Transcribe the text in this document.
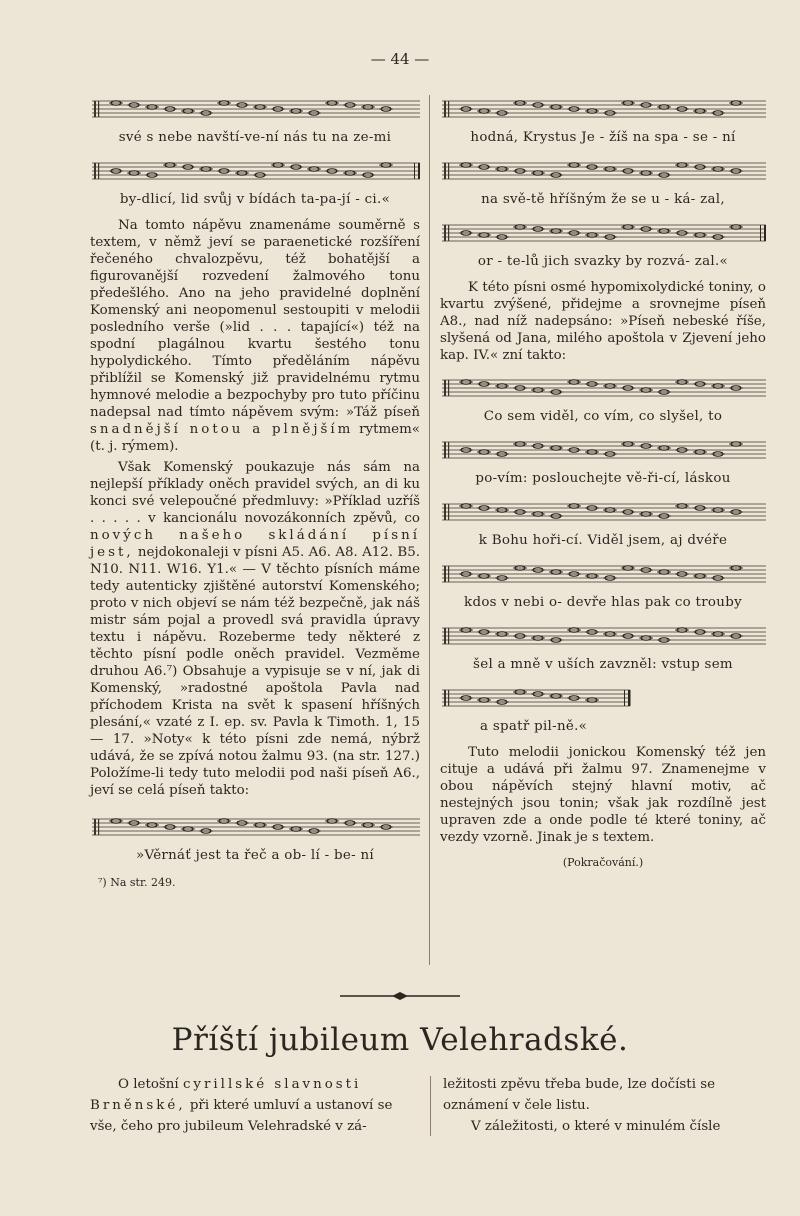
— 44 —
své s nebe navští-ve-ní nás tu na ze-mi
by-dlicí, lid svůj v bídách ta-pa-jí - ci.«

Na tomto nápěvu znamenáme souměrně s textem, v němž jeví se paraenetické rozšíření řečeného chvalozpěvu, též bohatější a figurovanější rozvedení žalmového tonu předešlého. Ano na jeho pravidelné doplnění Komenský ani neopomenul sestoupiti v melodii posledního verše (»lid . . . tapající«) též na spodní plagálnou kvartu šestého tonu hypolydického. Tímto předěláním nápěvu přiblížil se Komenský již pravidelnému rytmu hymnové melodie a bezpochyby pro tuto příčinu nadepsal nad tímto nápěvem svým: »Táž píseň snadnější notou a plnějším rytmem« (t. j. rýmem).

Však Komenský poukazuje nás sám na nejlepší příklady oněch pravidel svých, an di ku konci své velepoučné předmluvy: »Příklad uzříš . . . . . v kancionálu novozákonních zpěvů, co nových našeho skládání písní jest, nejdokonaleji v písni A5. A6. A8. A12. B5. N10. N11. W16. Y1.« — V těchto písních máme tedy autenticky zjištěné autorství Komenského; proto v nich objeví se nám též bezpečně, jak náš mistr sám pojal a provedl svá pravidla úpravy textu i nápěvu. Rozeberme tedy některé z těchto písní podle oněch pravidel. Vezměme druhou A6.⁷) Obsahuje a vypisuje se v ní, jak di Komenský, »radostné apoštola Pavla nad příchodem Krista na svět k spasení hříšných plesání,« vzaté z I. ep. sv. Pavla k Timoth. 1, 15 — 17. »Noty« k této písni zde nemá, nýbrž udává, že se zpívá notou žalmu 93. (na str. 127.) Položíme-li tedy tuto melodii pod naši píseň A6., jeví se celá píseň takto:

»Věrnáť jest ta řeč a ob- lí - be- ní
⁷) Na str. 249.
hodná, Krystus Je - žíš na spa - se - ní
na svě-tě hříšným že se u - ká- zal,
or - te-lů jich svazky by rozvá- zal.«

K této písni osmé hypomixolydické toniny, o kvartu zvýšené, přidejme a srovnejme píseň A8., nad níž nadepsáno: »Píseň nebeské říše, slyšená od Jana, milého apoštola v Zjevení jeho kap. IV.« zní takto:

Co sem viděl, co vím, co slyšel, to
po-vím: poslouchejte vě-ři-cí, láskou
k Bohu hoři-cí. Viděl jsem, aj dvéře
kdos v nebi o- devře hlas pak co trouby
šel a mně v uších zavzněl: vstup sem
a spatř pil-ně.«

Tuto melodii jonickou Komenský též jen cituje a udává při žalmu 97. Znamenejme v obou nápěvích stejný hlavní motiv, ač nestejných jsou tonin; však jak rozdílně jest upraven zde a onde podle té které toniny, ač vezdy vzorně. Jinak je s textem.

(Pokračování.)
Příští jubileum Velehradské.
O letošní cyrillské slavnosti Brněnské, při které umluví a ustanoví se vše, čeho pro jubileum Velehradské v zá-
ležitosti zpěvu třeba bude, lze dočísti se oznámení v čele listu.
V záležitosti, o které v minulém čísle
